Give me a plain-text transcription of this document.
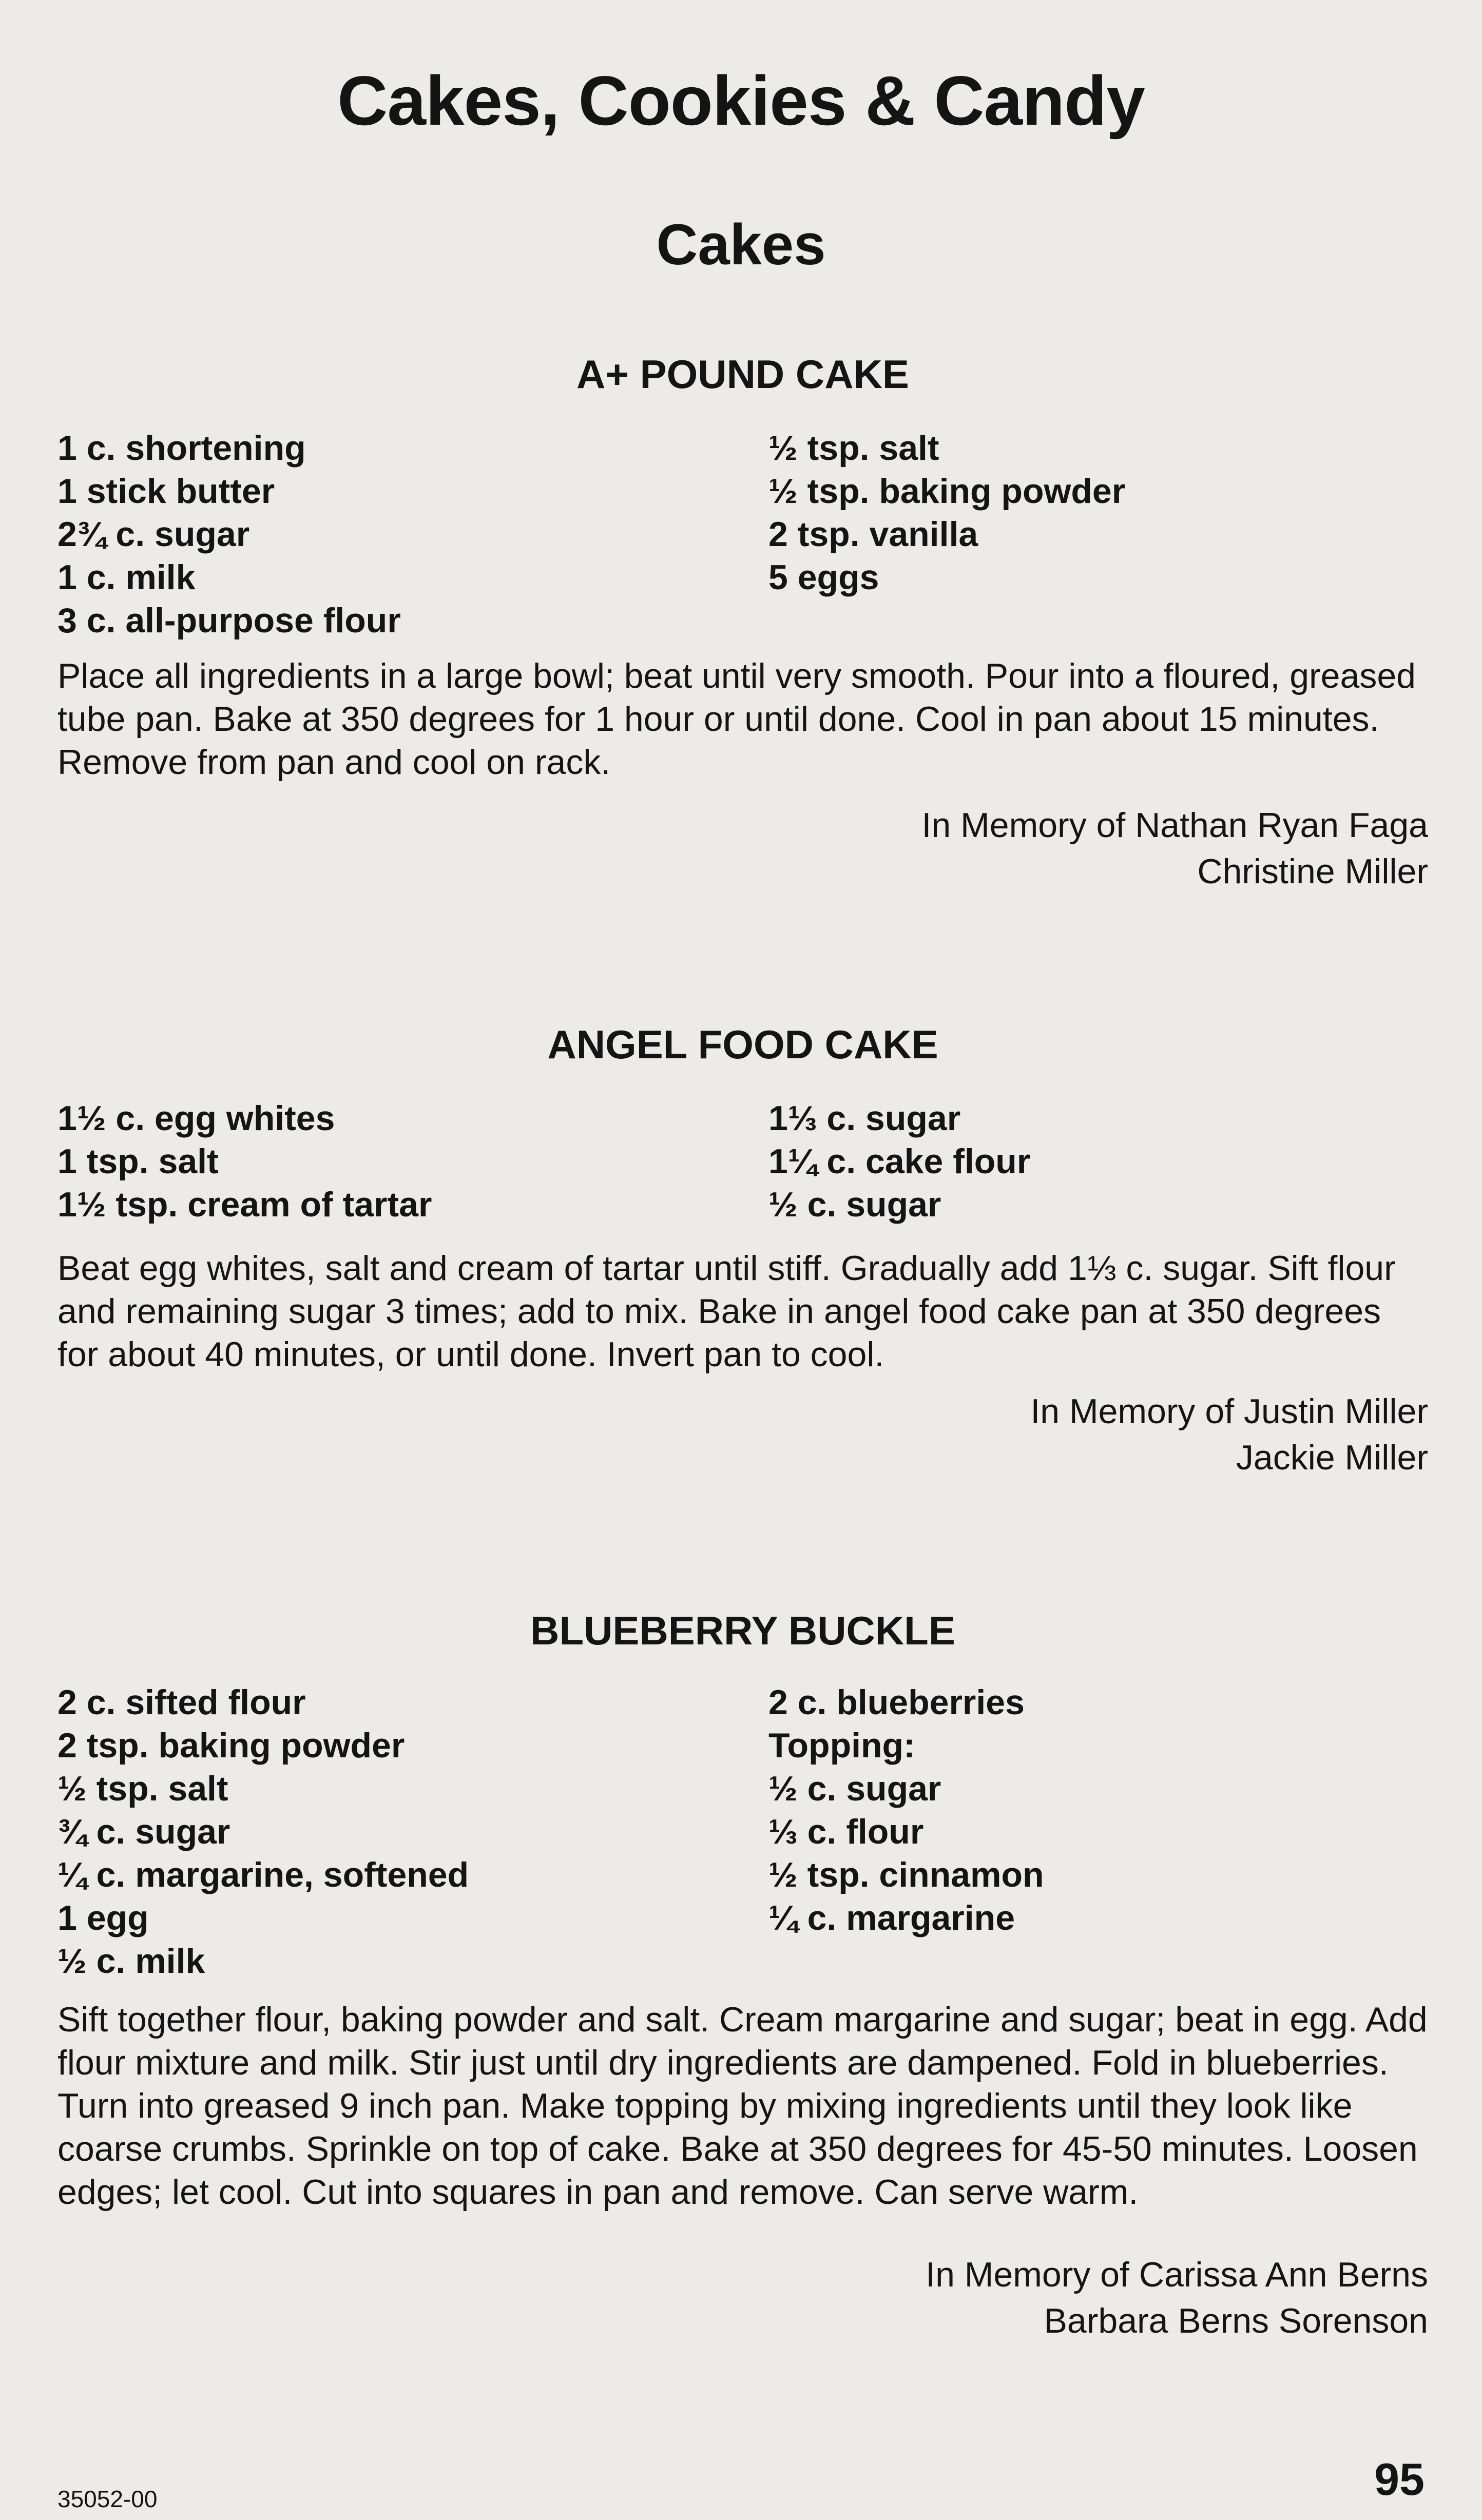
Cakes, Cookies & Candy
Cakes
A+ POUND CAKE
1 c. shortening
1 stick butter
2¾ c. sugar
1 c. milk
3 c. all-purpose flour
½ tsp. salt
½ tsp. baking powder
2 tsp. vanilla
5 eggs
Place all ingredients in a large bowl; beat until very smooth. Pour into a floured, greased tube pan. Bake at 350 degrees for 1 hour or until done. Cool in pan about 15 minutes. Remove from pan and cool on rack.
In Memory of Nathan Ryan Faga
Christine Miller
ANGEL FOOD CAKE
1½ c. egg whites
1 tsp. salt
1½ tsp. cream of tartar
1⅓ c. sugar
1¼ c. cake flour
½ c. sugar
Beat egg whites, salt and cream of tartar until stiff. Gradually add 1⅓ c. sugar. Sift flour and remaining sugar 3 times; add to mix. Bake in angel food cake pan at 350 degrees for about 40 minutes, or until done. Invert pan to cool.
In Memory of Justin Miller
Jackie Miller
BLUEBERRY BUCKLE
2 c. sifted flour
2 tsp. baking powder
½ tsp. salt
¾ c. sugar
¼ c. margarine, softened
1 egg
½ c. milk
2 c. blueberries
Topping:
½ c. sugar
⅓ c. flour
½ tsp. cinnamon
¼ c. margarine
Sift together flour, baking powder and salt. Cream margarine and sugar; beat in egg. Add flour mixture and milk. Stir just until dry ingredients are dampened. Fold in blueberries. Turn into greased 9 inch pan. Make topping by mixing ingredients until they look like coarse crumbs. Sprinkle on top of cake. Bake at 350 degrees for 45-50 minutes. Loosen edges; let cool. Cut into squares in pan and remove. Can serve warm.
In Memory of Carissa Ann Berns
Barbara Berns Sorenson
35052-00	95
